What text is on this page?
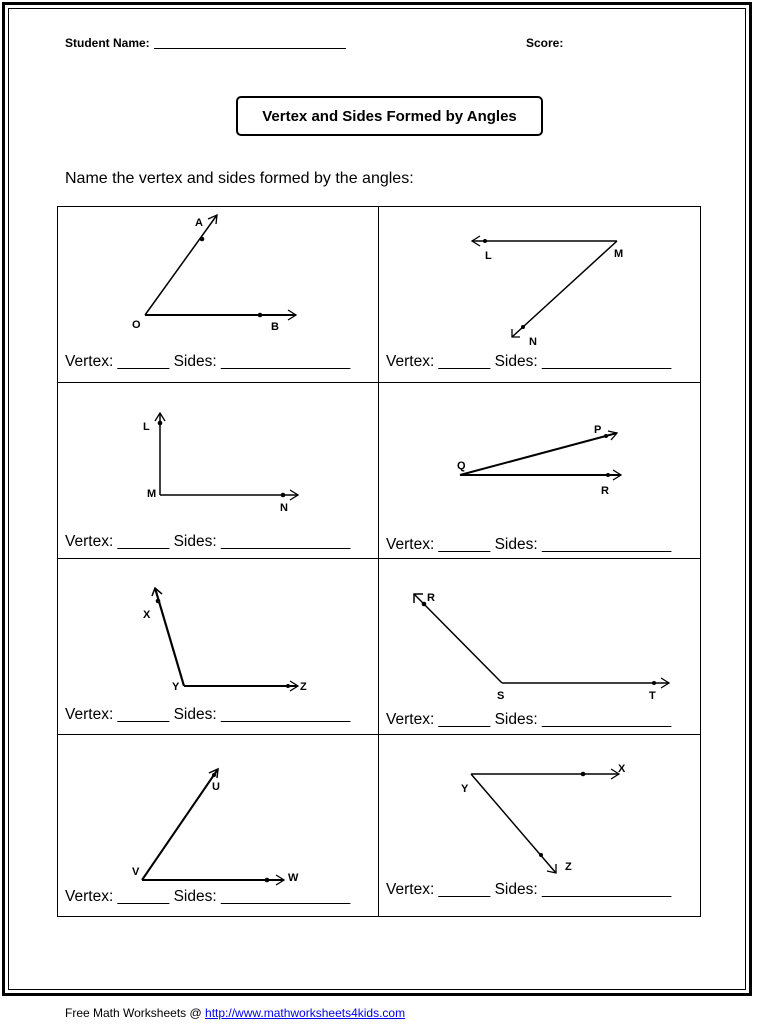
Student Name:	Score:
Vertex and Sides Formed by Angles
Name the vertex and sides formed by the angles:
A
O	B
Vertex: ______ Sides: _______________
L	M
N
Vertex: ______ Sides: _______________
L
M
N
Vertex: ______ Sides: _______________
P
Q
R
Vertex: ______ Sides: _______________
X
Y	Z
Vertex: ______ Sides: _______________
R
S	T
Vertex: ______ Sides: _______________
U
V	W
Vertex: ______ Sides: _______________
X
Y
Z
Vertex: ______ Sides: _______________
Free Math Worksheets @ http://www.mathworksheets4kids.com
